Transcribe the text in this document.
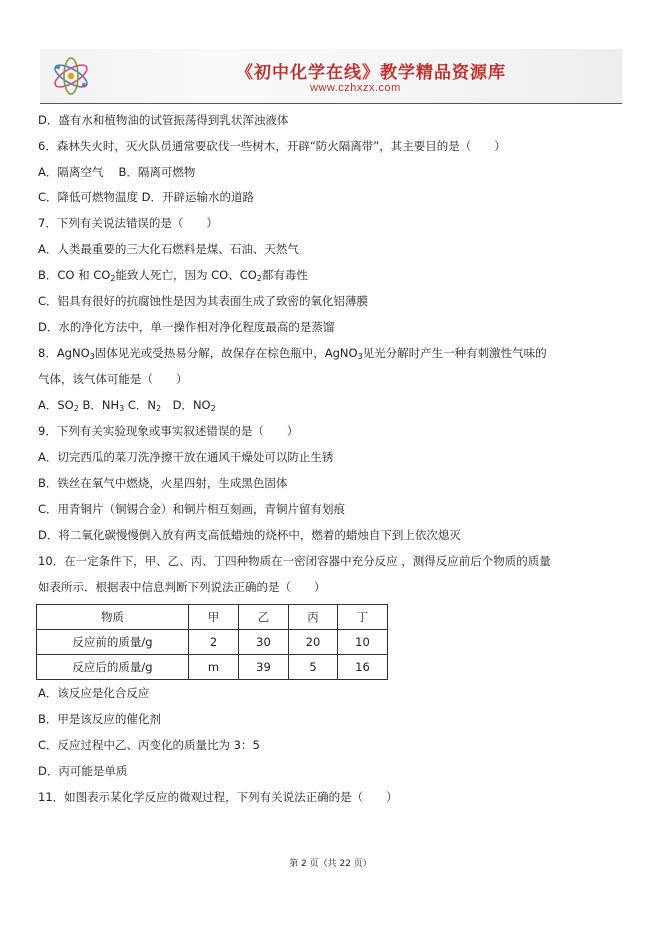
《初中化学在线》教学精品资源库
www.czhxzx.com
D．盛有水和植物油的试管振荡得到乳状浑浊液体
6．森林失火时，灭火队员通常要砍伐一些树木，开辟“防火隔离带”，其主要目的是（　　）
A．隔离空气　 B．隔离可燃物
C．降低可燃物温度 D．开辟运输水的道路
7．下列有关说法错误的是（　　）
A．人类最重要的三大化石燃料是煤、石油、天然气
B．CO 和 $CO_2$能致人死亡，因为 CO、$CO_2$都有毒性
C．铝具有很好的抗腐蚀性是因为其表面生成了致密的氧化铝薄膜
D．水的净化方法中，单一操作相对净化程度最高的是蒸馏
8．AgNO$_3$固体见光或受热易分解，故保存在棕色瓶中，AgNO$_3$见光分解时产生一种有刺激性气味的
气体，该气体可能是（　　）
A．$SO_2$ B．$NH_3$ C．$N_2$　D．$NO_2$
9．下列有关实验现象或事实叙述错误的是（　　）
A．切完西瓜的菜刀洗净擦干放在通风干燥处可以防止生锈
B．铁丝在氧气中燃烧，火星四射，生成黑色固体
C．用青铜片（铜锡合金）和铜片相互刻画，青铜片留有划痕
D．将二氧化碳慢慢倒入放有两支高低蜡烛的烧杯中，燃着的蜡烛自下到上依次熄灭
10．在一定条件下，甲、乙、丙、丁四种物质在一密闭容器中充分反应 ，测得反应前后个物质的质量
如表所示．根据表中信息判断下列说法正确的是（　　）
物质	甲	乙	丙	丁
反应前的质量/g	2	30	20	10
反应后的质量/g	m	39	5	16
A．该反应是化合反应
B．甲是该反应的催化剂
C．反应过程中乙、丙变化的质量比为 3：5
D．丙可能是单质
11．如图表示某化学反应的微观过程，下列有关说法正确的是（　　）
第 2 页（共 22 页）
